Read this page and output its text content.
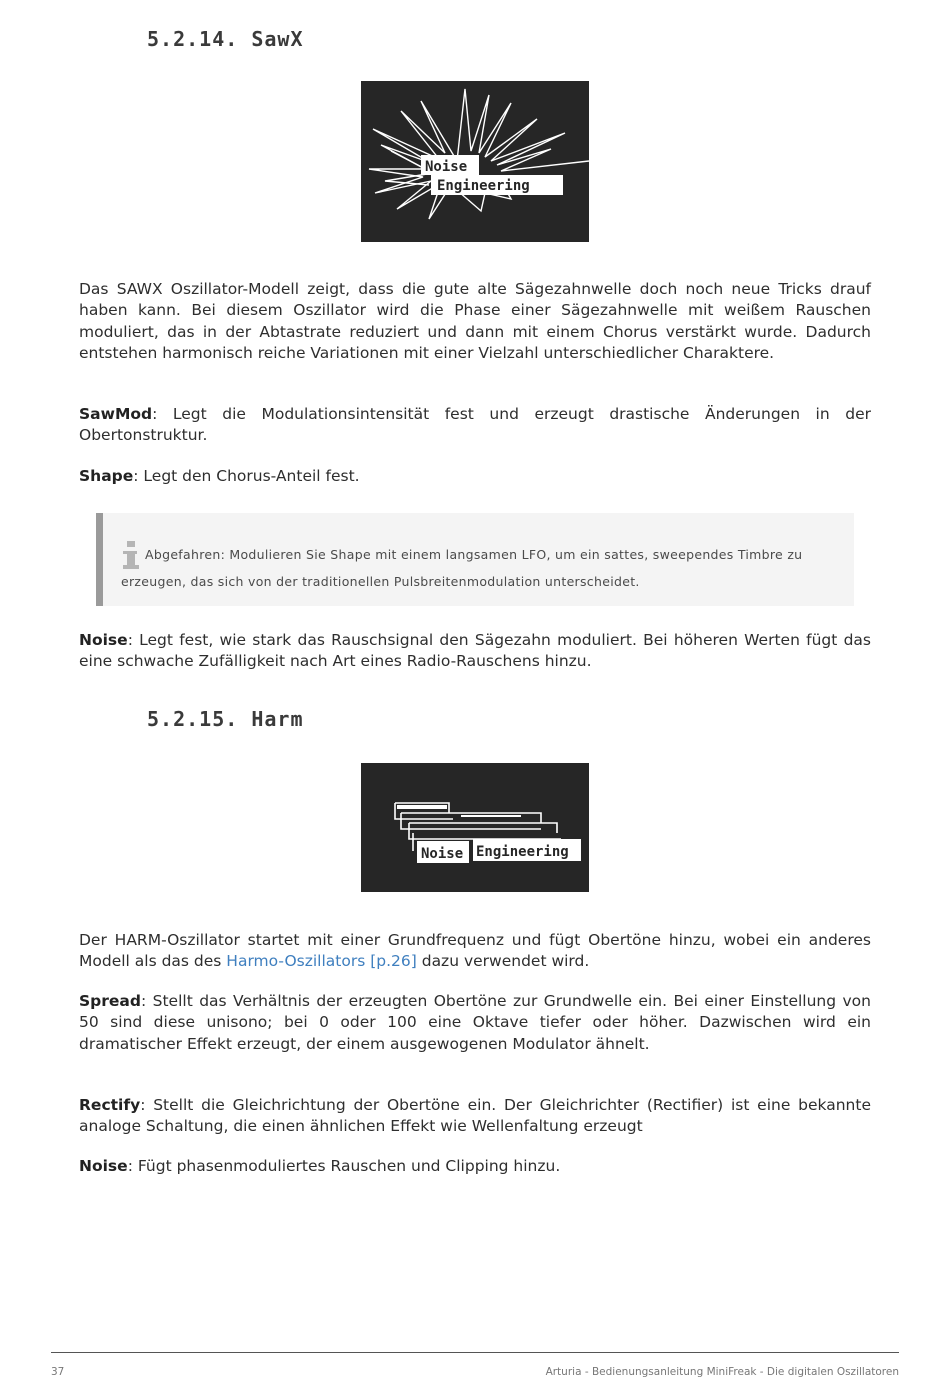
5.2.14. SawX
Noise
Engineering

Das SAWX Oszillator-Modell zeigt, dass die gute alte Sägezahnwelle doch noch neue Tricks drauf haben kann. Bei diesem Oszillator wird die Phase einer Sägezahnwelle mit weißem Rauschen moduliert, das in der Abtastrate reduziert und dann mit einem Chorus verstärkt wurde. Dadurch entstehen harmonisch reiche Variationen mit einer Vielzahl unterschiedlicher Charaktere.

SawMod: Legt die Modulationsintensität fest und erzeugt drastische Änderungen in der Obertonstruktur.

Shape: Legt den Chorus-Anteil fest.

Abgefahren: Modulieren Sie Shape mit einem langsamen LFO, um ein sattes, sweependes Timbre zu erzeugen, das sich von der traditionellen Pulsbreitenmodulation unterscheidet.

Noise: Legt fest, wie stark das Rauschsignal den Sägezahn moduliert. Bei höheren Werten fügt das eine schwache Zufälligkeit nach Art eines Radio-Rauschens hinzu.

5.2.15. Harm
Noise Engineering

Der HARM-Oszillator startet mit einer Grundfrequenz und fügt Obertöne hinzu, wobei ein anderes Modell als das des Harmo-Oszillators [p.26] dazu verwendet wird.

Spread: Stellt das Verhältnis der erzeugten Obertöne zur Grundwelle ein. Bei einer Einstellung von 50 sind diese unisono; bei 0 oder 100 eine Oktave tiefer oder höher. Dazwischen wird ein dramatischer Effekt erzeugt, der einem ausgewogenen Modulator ähnelt.

Rectify: Stellt die Gleichrichtung der Obertöne ein. Der Gleichrichter (Rectifier) ist eine bekannte analoge Schaltung, die einen ähnlichen Effekt wie Wellenfaltung erzeugt

Noise: Fügt phasenmoduliertes Rauschen und Clipping hinzu.

37	Arturia - Bedienungsanleitung MiniFreak - Die digitalen Oszillatoren
